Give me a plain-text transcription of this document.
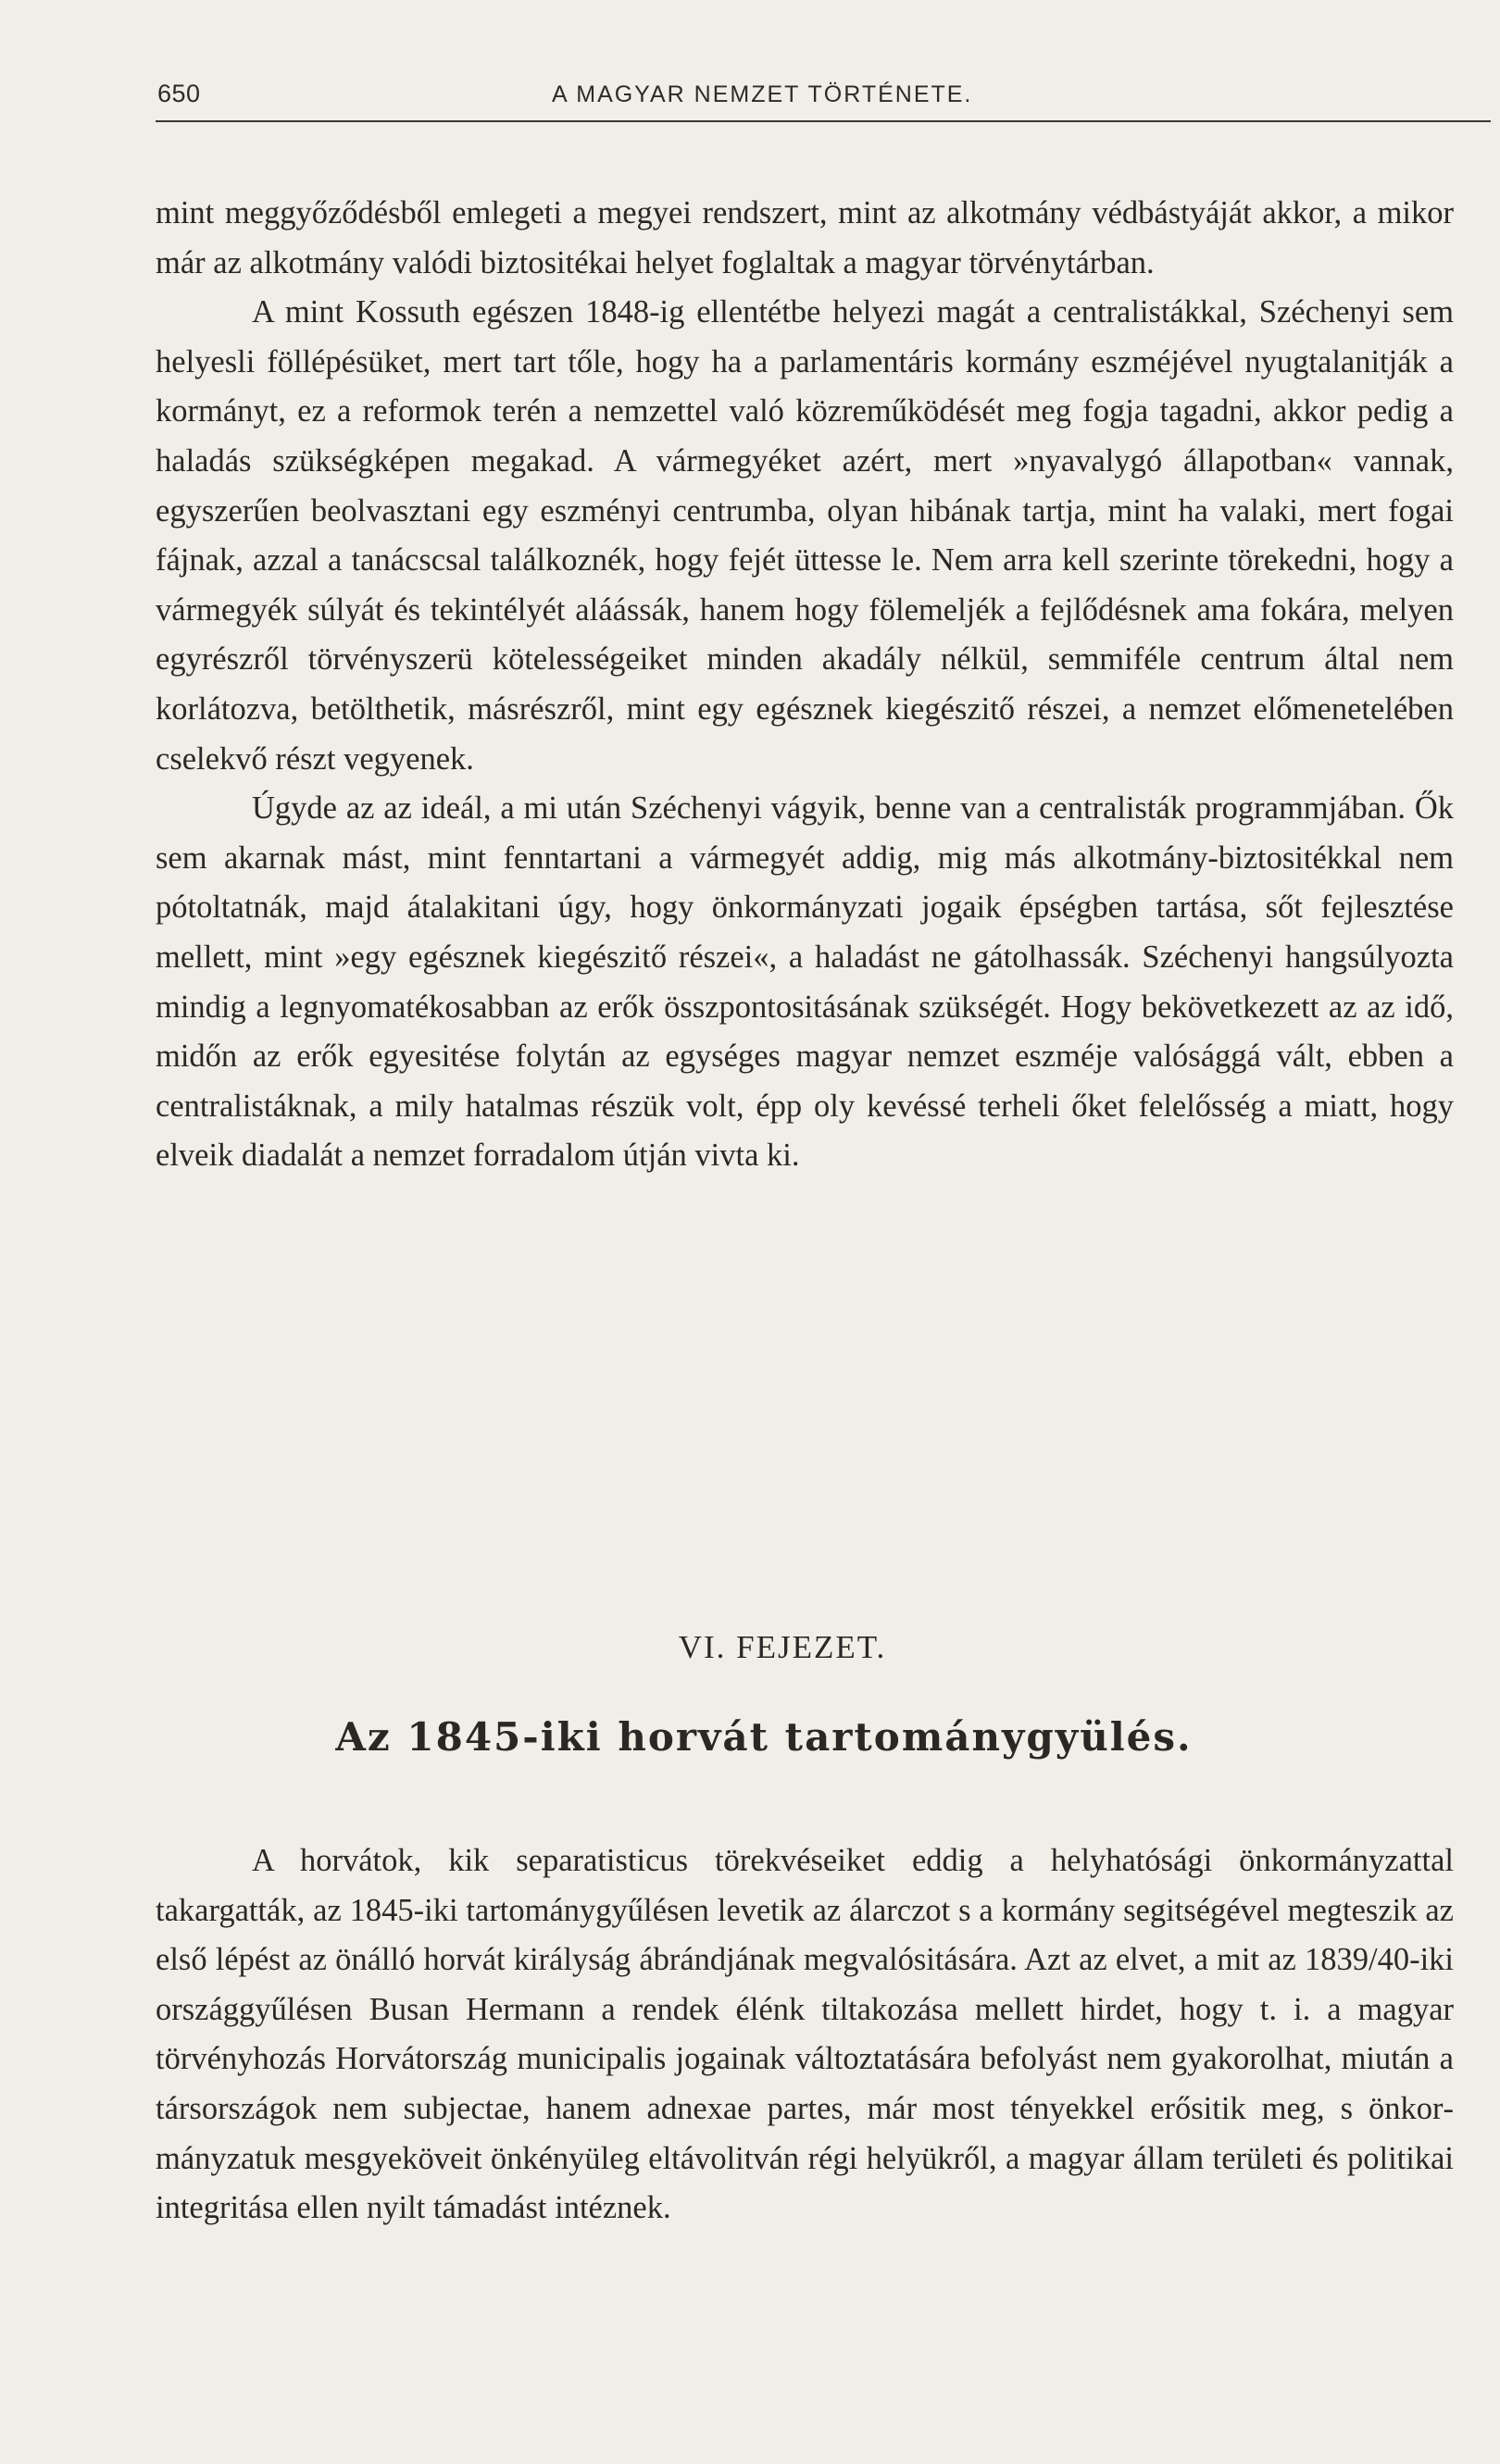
650	A MAGYAR NEMZET TÖRTÉNETE.

mint meggyőződésből emlegeti a megyei rendszert, mint az alkotmány védbástyáját akkor, a mikor már az alkotmány valódi biztositékai helyet foglaltak a magyar törvénytárban.

A mint Kossuth egészen 1848-ig ellentétbe helyezi magát a centralistákkal, Széchenyi sem helyesli föllépésüket, mert tart tőle, hogy ha a parlamentáris kormány eszméjével nyugtalanitják a kormányt, ez a reformok terén a nemzettel való közreműködését meg fogja tagadni, akkor pedig a haladás szükségképen megakad. A vármegyéket azért, mert »nyavalygó állapotban« vannak, egyszerűen beolvasztani egy eszményi centrumba, olyan hibának tartja, mint ha valaki, mert fogai fájnak, azzal a tanácscsal találkoznék, hogy fejét üttesse le. Nem arra kell szerinte törekedni, hogy a vármegyék súlyát és tekintélyét aláássák, hanem hogy fölemeljék a fejlődésnek ama fokára, melyen egyrészről törvényszerü kötelességeiket minden akadály nélkül, semmiféle centrum által nem korlátozva, betölthetik, másrészről, mint egy egésznek kiegészitő részei, a nemzet előmenetelében cselekvő részt vegyenek.

Úgyde az az ideál, a mi után Széchenyi vágyik, benne van a centralisták programmjában. Ők sem akarnak mást, mint fenntartani a vármegyét addig, mig más alkotmány-biztositékkal nem pótoltatnák, majd átalakitani úgy, hogy önkormányzati jogaik épségben tartása, sőt fejlesztése mellett, mint »egy egésznek kiegészitő részei«, a haladást ne gátolhassák. Széchenyi hangsúlyozta mindig a legnyomatékosabban az erők összpontositásának szükségét. Hogy bekövetkezett az az idő, midőn az erők egyesitése folytán az egységes magyar nemzet eszméje valósággá vált, ebben a centralistáknak, a mily hatalmas részük volt, épp oly kevéssé terheli őket felelősség a miatt, hogy elveik diadalát a nemzet forradalom útján vivta ki.

VI. FEJEZET.
Az 1845-iki horvát tartománygyülés.

A horvátok, kik separatisticus törekvéseiket eddig a helyhatósági önkormányzattal takargatták, az 1845-iki tartománygyűlésen levetik az álarczot s a kormány segitségével megteszik az első lépést az önálló horvát királyság ábrándjának megvalósitására. Azt az elvet, a mit az 1839/40-iki országgyűlésen Busan Hermann a rendek élénk tiltakozása mellett hirdet, hogy t. i. a magyar törvényhozás Horvátország municipalis jogainak változtatására befolyást nem gyakorolhat, miután a társországok nem subjectae, hanem adnexae partes, már most tényekkel erősitik meg, s önkormányzatuk mesgyeköveit önkényüleg eltávolitván régi helyükről, a magyar állam területi és politikai integritása ellen nyilt támadást intéznek.
